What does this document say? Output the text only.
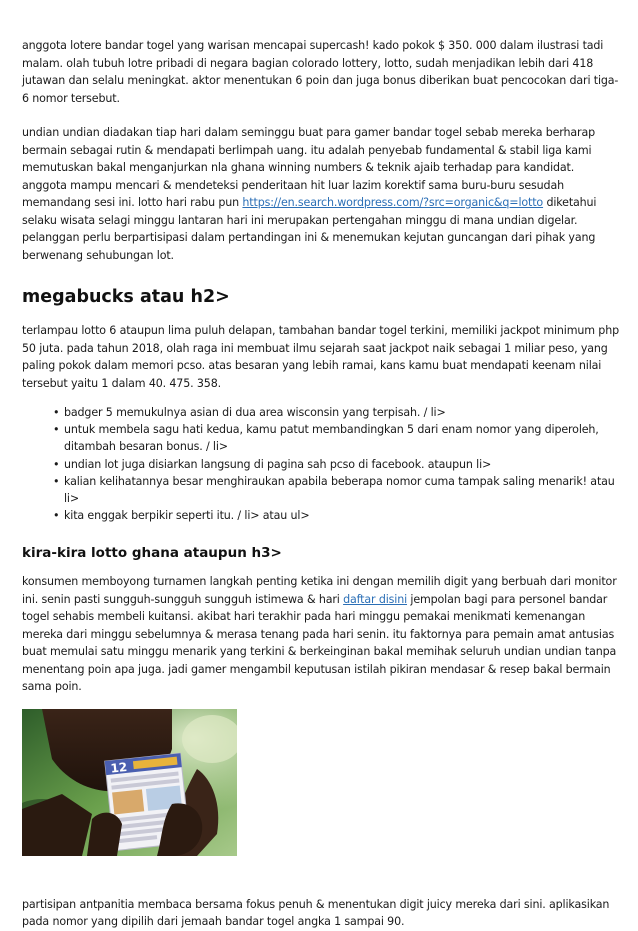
anggota lotere bandar togel yang warisan mencapai supercash! kado pokok $ 350. 000 dalam ilustrasi tadi malam. olah tubuh lotre pribadi di negara bagian colorado lottery, lotto, sudah menjadikan lebih dari 418 jutawan dan selalu meningkat. aktor menentukan 6 poin dan juga bonus diberikan buat pencocokan dari tiga-6 nomor tersebut.

undian undian diadakan tiap hari dalam seminggu buat para gamer bandar togel sebab mereka berharap bermain sebagai rutin & mendapati berlimpah uang. itu adalah penyebab fundamental & stabil liga kami memutuskan bakal menganjurkan nla ghana winning numbers & teknik ajaib terhadap para kandidat. anggota mampu mencari & mendeteksi penderitaan hit luar lazim korektif sama buru-buru sesudah memandang sesi ini. lotto hari rabu pun https://en.search.wordpress.com/?src=organic&q=lotto diketahui selaku wisata selagi minggu lantaran hari ini merupakan pertengahan minggu di mana undian digelar. pelanggan perlu berpartisipasi dalam pertandingan ini & menemukan kejutan guncangan dari pihak yang berwenang sehubungan lot.

megabucks atau h2>

terlampau lotto 6 ataupun lima puluh delapan, tambahan bandar togel terkini, memiliki jackpot minimum php 50 juta. pada tahun 2018, olah raga ini membuat ilmu sejarah saat jackpot naik sebagai 1 miliar peso, yang paling pokok dalam memori pcso. atas besaran yang lebih ramai, kans kamu buat mendapati keenam nilai tersebut yaitu 1 dalam 40. 475. 358.

• badger 5 memukulnya asian di dua area wisconsin yang terpisah. / li>
• untuk membela sagu hati kedua, kamu patut membandingkan 5 dari enam nomor yang diperoleh, ditambah besaran bonus. / li>
• undian lot juga disiarkan langsung di pagina sah pcso di facebook. ataupun li>
• kalian kelihatannya besar menghiraukan apabila beberapa nomor cuma tampak saling menarik! atau li>
• kita enggak berpikir seperti itu. / li> atau ul>
kira-kira lotto ghana ataupun h3>

konsumen memboyong turnamen langkah penting ketika ini dengan memilih digit yang berbuah dari monitor ini. senin pasti sungguh-sungguh sungguh istimewa & hari daftar disini jempolan bagi para personel bandar togel sehabis membeli kuitansi. akibat hari terakhir pada hari minggu pemakai menikmati kemenangan mereka dari minggu sebelumnya & merasa tenang pada hari senin. itu faktornya para pemain amat antusias buat memulai satu minggu menarik yang terkini & berkeinginan bakal memihak seluruh undian undian tanpa menentang poin apa juga. jadi gamer mengambil keputusan istilah pikiran mendasar & resep bakal bermain sama poin.

12

partisipan antpanitia membaca bersama fokus penuh & menentukan digit juicy mereka dari sini. aplikasikan pada nomor yang dipilih dari jemaah bandar togel angka 1 sampai 90.
